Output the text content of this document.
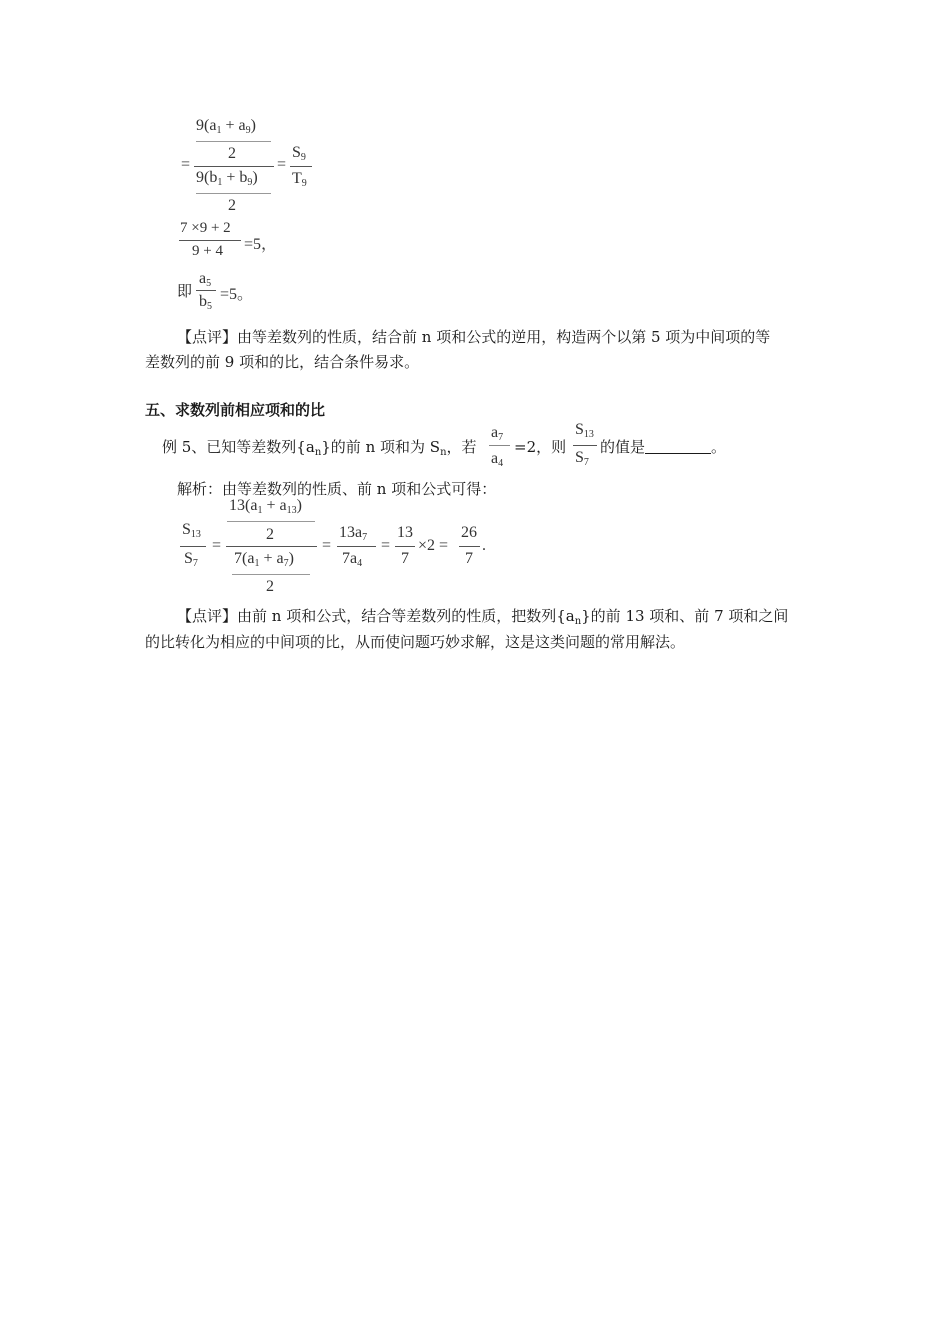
=
$9(a_1 + a_9)$
2
$9(b_1 + b_9)$
2
=
$S_9$
$T_9$
7 ×9 + 2
9 + 4 =5，
即
$a_5$
$b_5$
=5。
【点评】由等差数列的性质，结合前 n 项和公式的逆用，构造两个以第 5 项为中间项的等
差数列的前 9 项和的比，结合条件易求。
五、求数列前相应项和的比
例 5、已知等差数列$\{a_n\}$的前 n 项和为 $S_n$，若
$a_7$
$a_4$
=2，则
$S_{13}$
$S_7$
的值是	。
解析：由等差数列的性质、前 n 项和公式可得：
$S_{13}$
$S_7$
=
$13(a_1 + a_{13})$
2
$7(a_1 + a_7)$
2
=
$13a_7$
$7a_4$
=
13
7
×2 =
26
7
.
【点评】由前 n 项和公式，结合等差数列的性质，把数列$\{a_n\}$的前 13 项和、前 7 项和之间
的比转化为相应的中间项的比，从而使问题巧妙求解，这是这类问题的常用解法。
